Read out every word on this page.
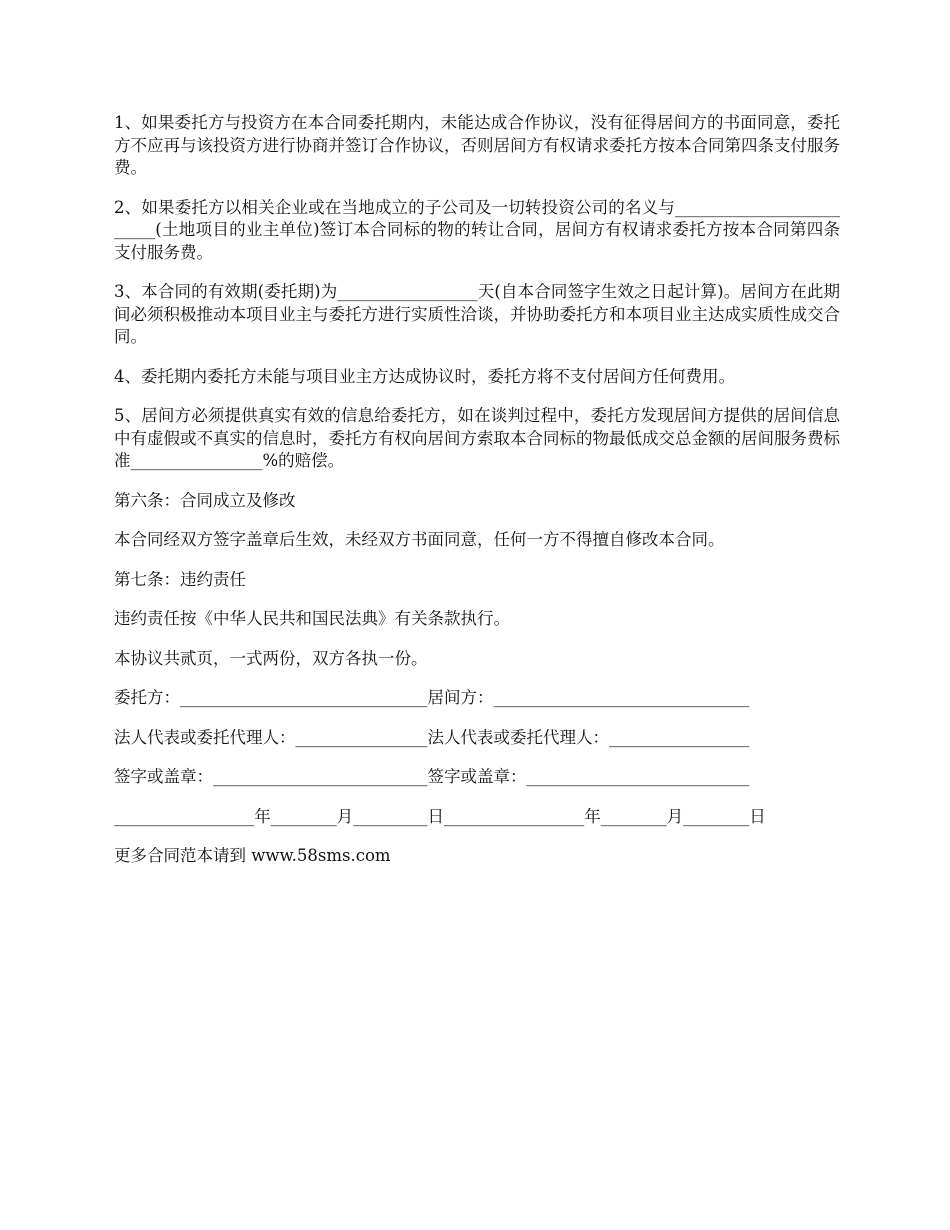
1、如果委托方与投资方在本合同委托期内，未能达成合作协议，没有征得居间方的书面同意，委托方不应再与该投资方进行协商并签订合作协议，否则居间方有权请求委托方按本合同第四条支付服务费。

2、如果委托方以相关企业或在当地成立的子公司及一切转投资公司的名义与_________________________(土地项目的业主单位)签订本合同标的物的转让合同，居间方有权请求委托方按本合同第四条支付服务费。

3、本合同的有效期(委托期)为_________________天(自本合同签字生效之日起计算)。居间方在此期间必须积极推动本项目业主与委托方进行实质性洽谈，并协助委托方和本项目业主达成实质性成交合同。

4、委托期内委托方未能与项目业主方达成协议时，委托方将不支付居间方任何费用。

5、居间方必须提供真实有效的信息给委托方，如在谈判过程中，委托方发现居间方提供的居间信息中有虚假或不真实的信息时，委托方有权向居间方索取本合同标的物最低成交总金额的居间服务费标准________________%的赔偿。

第六条：合同成立及修改

本合同经双方签字盖章后生效，未经双方书面同意，任何一方不得擅自修改本合同。

第七条：违约责任

违约责任按《中华人民共和国民法典》有关条款执行。

本协议共贰页，一式两份，双方各执一份。

委托方：______________________________居间方：_______________________________

法人代表或委托代理人：________________法人代表或委托代理人：_________________

签字或盖章：__________________________签字或盖章：___________________________

_________________年________月_________日_________________年________月________日

更多合同范本请到 www.58sms.com
